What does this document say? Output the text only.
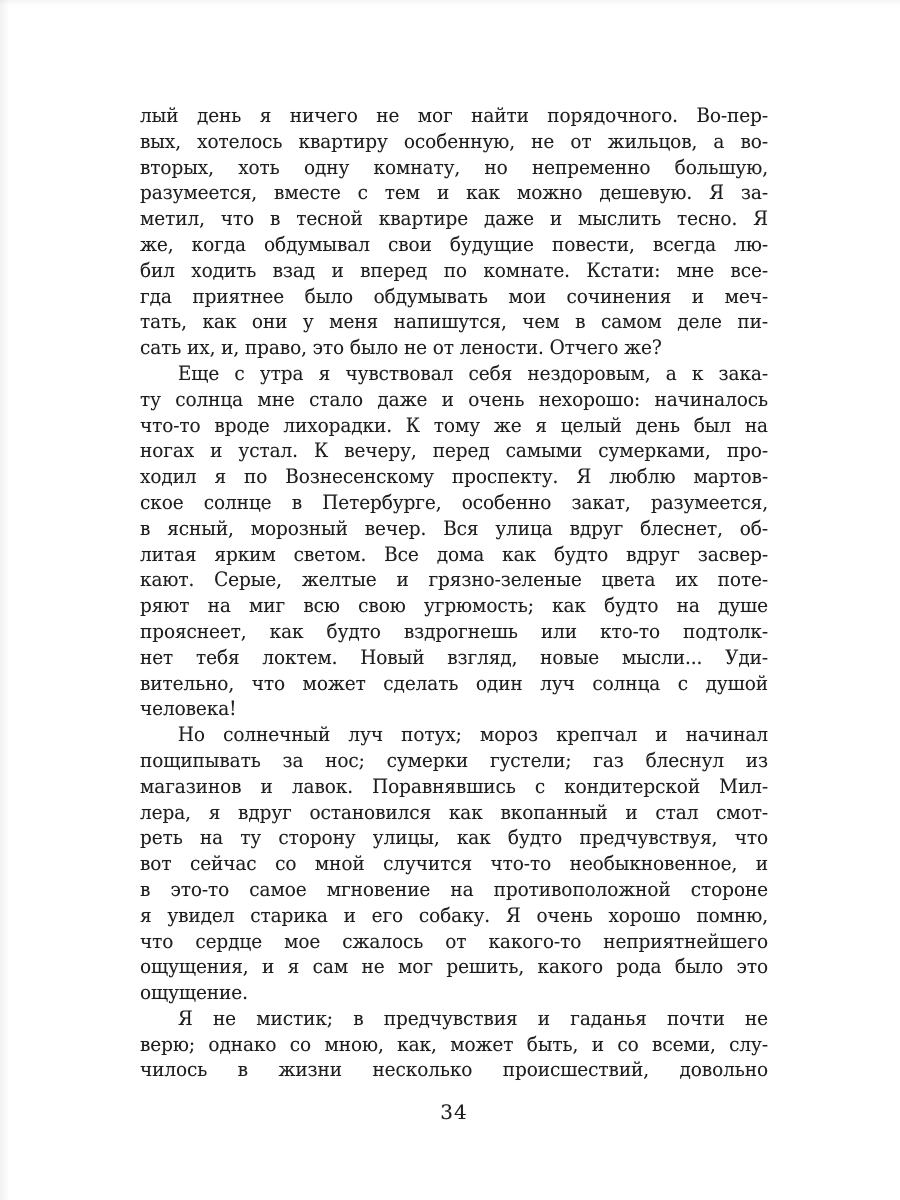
лый день я ничего не мог найти порядочного. Во-пер-
вых, хотелось квартиру особенную, не от жильцов, а во-
вторых, хоть одну комнату, но непременно большую,
разумеется, вместе с тем и как можно дешевую. Я за-
метил, что в тесной квартире даже и мыслить тесно. Я
же, когда обдумывал свои будущие повести, всегда лю-
бил ходить взад и вперед по комнате. Кстати: мне все-
гда приятнее было обдумывать мои сочинения и меч-
тать, как они у меня напишутся, чем в самом деле пи-
сать их, и, право, это было не от лености. Отчего же?
Еще с утра я чувствовал себя нездоровым, а к зака-
ту солнца мне стало даже и очень нехорошо: начиналось
что-то вроде лихорадки. К тому же я целый день был на
ногах и устал. К вечеру, перед самыми сумерками, про-
ходил я по Вознесенскому проспекту. Я люблю мартов-
ское солнце в Петербурге, особенно закат, разумеется,
в ясный, морозный вечер. Вся улица вдруг блеснет, об-
литая ярким светом. Все дома как будто вдруг засвер-
кают. Серые, желтые и грязно-зеленые цвета их поте-
ряют на миг всю свою угрюмость; как будто на душе
прояснеет, как будто вздрогнешь или кто-то подтолк-
нет тебя локтем. Новый взгляд, новые мысли... Уди-
вительно, что может сделать один луч солнца с душой
человека!
Но солнечный луч потух; мороз крепчал и начинал
пощипывать за нос; сумерки густели; газ блеснул из
магазинов и лавок. Поравнявшись с кондитерской Мил-
лера, я вдруг остановился как вкопанный и стал смот-
реть на ту сторону улицы, как будто предчувствуя, что
вот сейчас со мной случится что-то необыкновенное, и
в это-то самое мгновение на противоположной стороне
я увидел старика и его собаку. Я очень хорошо помню,
что сердце мое сжалось от какого-то неприятнейшего
ощущения, и я сам не мог решить, какого рода было это
ощущение.
Я не мистик; в предчувствия и гаданья почти не
верю; однако со мною, как, может быть, и со всеми, слу-
чилось в жизни несколько происшествий, довольно
34
